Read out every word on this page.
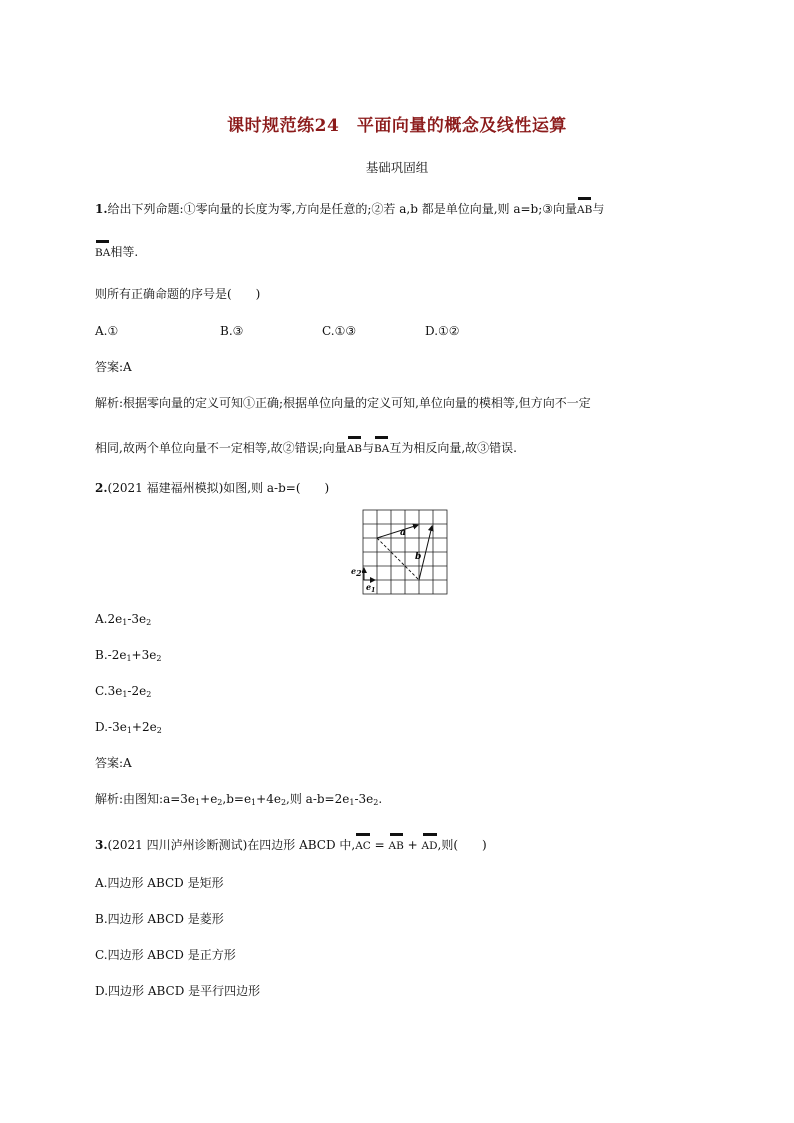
课时规范练24　平面向量的概念及线性运算
基础巩固组
1.给出下列命题:①零向量的长度为零,方向是任意的;②若 a,b 都是单位向量,则 a=b;③向量AB与
BA相等.
则所有正确命题的序号是(　　)
A.①	B.③	C.①③	D.①②
答案:A
解析:根据零向量的定义可知①正确;根据单位向量的定义可知,单位向量的模相等,但方向不一定
相同,故两个单位向量不一定相等,故②错误;向量AB与BA互为相反向量,故③错误.
2.(2021 福建福州模拟)如图,则 a-b=(　　)
a
b
$e_1$
$e_2$
$A.2e_1-3e_2$
$B.-2e_1+3e_2$
$C.3e_1-2e_2$
$D.-3e_1+2e_2$
答案:A
解析:由图知$:a=3e_1+e_2,b=e_1+4e_2$,则 $a-b=2e_1-3e_2$.
3.(2021 四川泸州诊断测试)在四边形 ABCD 中,AC = AB + AD,则(　　)
A.四边形 ABCD 是矩形
B.四边形 ABCD 是菱形
C.四边形 ABCD 是正方形
D.四边形 ABCD 是平行四边形
